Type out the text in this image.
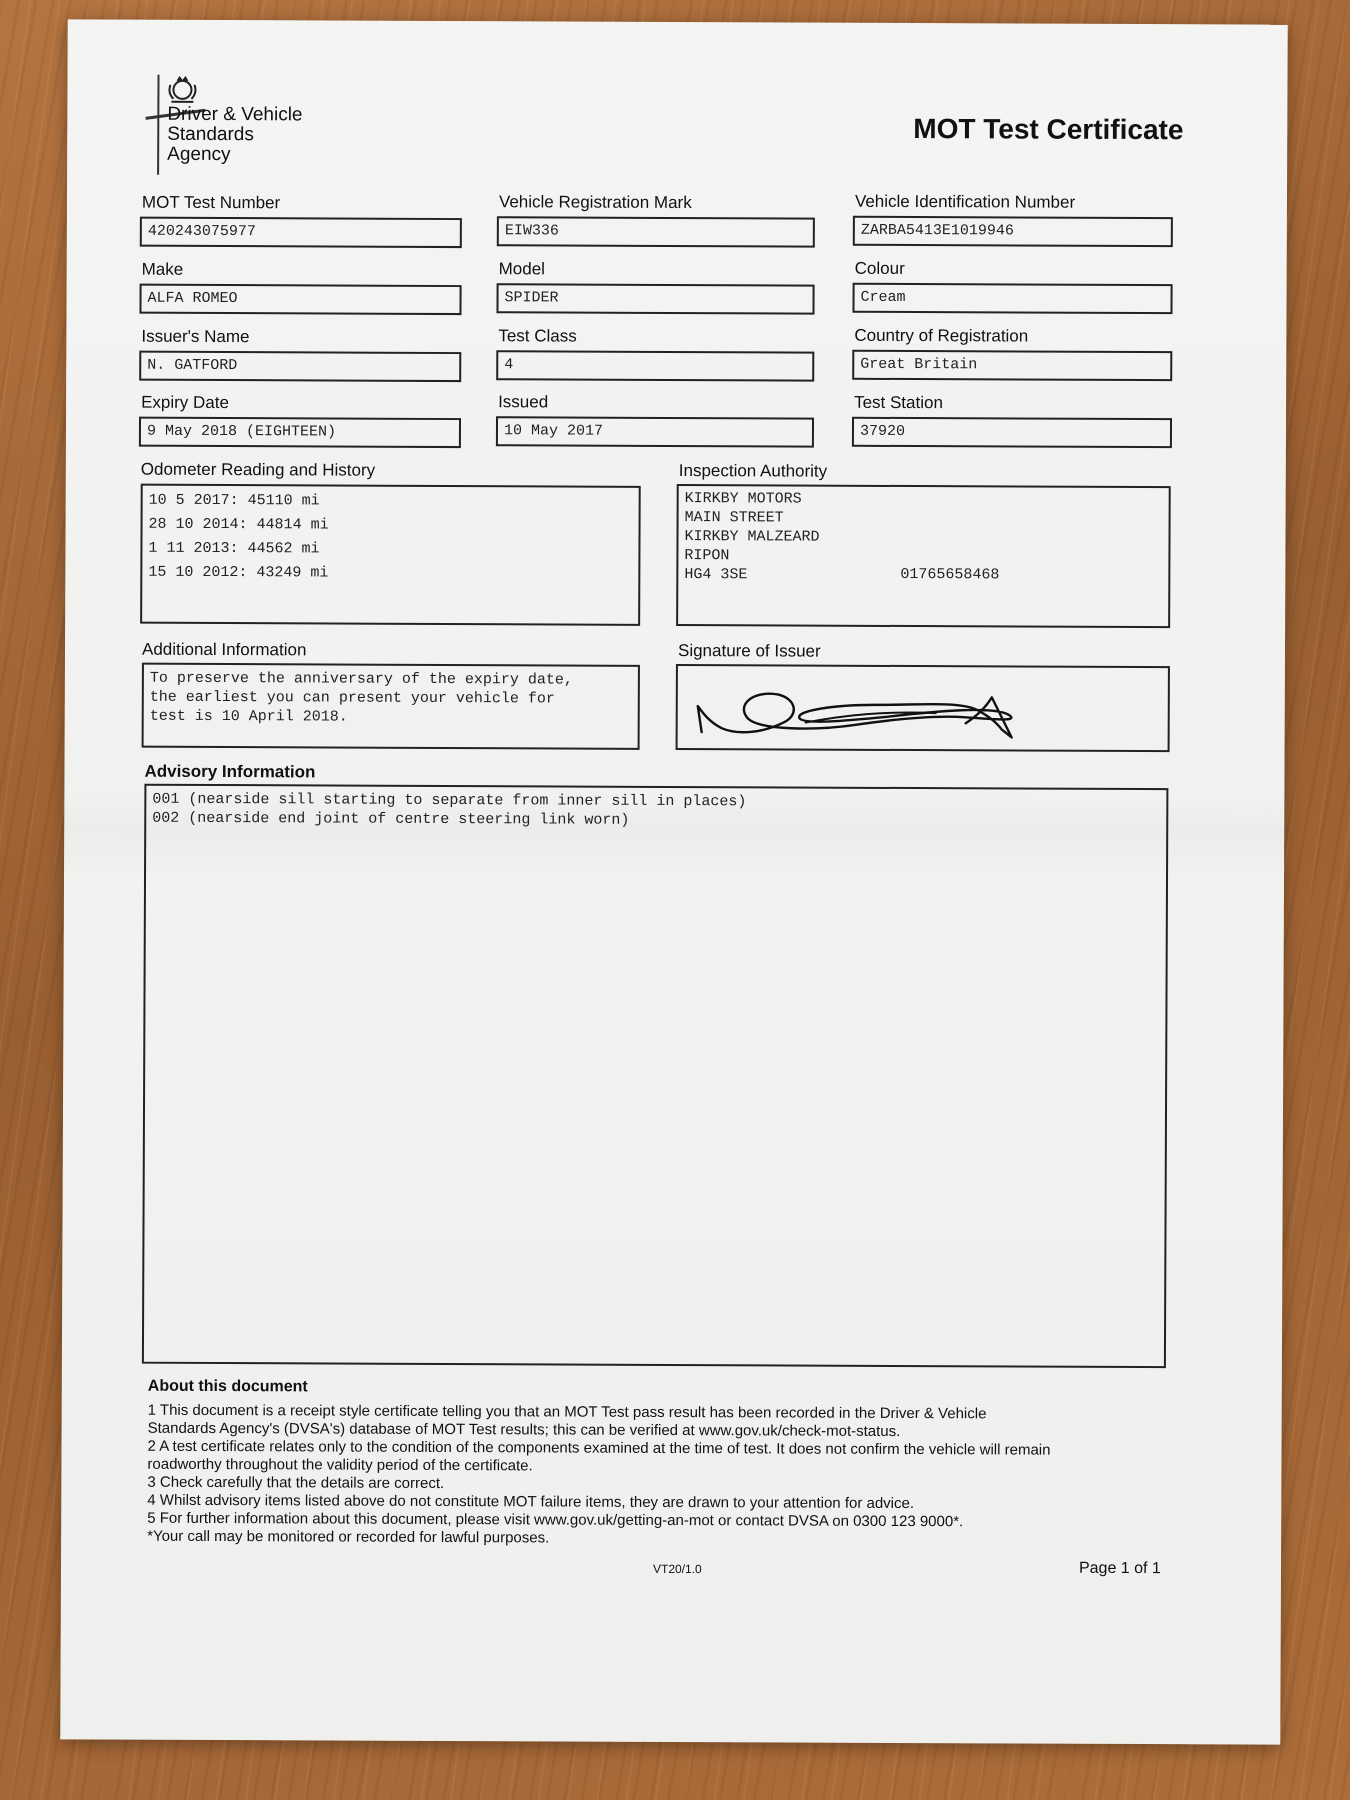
Driver & Vehicle
Standards
Agency
MOT Test Certificate
MOT Test Number
420243075977
Vehicle Registration Mark
EIW336
Vehicle Identification Number
ZARBA5413E1019946
Make
ALFA ROMEO
Model
SPIDER
Colour
Cream
Issuer's Name
N. GATFORD
Test Class
4
Country of Registration
Great Britain
Expiry Date
9 May 2018 (EIGHTEEN)
Issued
10 May 2017
Test Station
37920
Odometer Reading and History
10 5 2017: 45110 mi
28 10 2014: 44814 mi
1 11 2013: 44562 mi
15 10 2012: 43249 mi
Inspection Authority
KIRKBY MOTORS
MAIN STREET
KIRKBY MALZEARD
RIPON
HG4 3SE	01765658468
Additional Information
To preserve the anniversary of the expiry date,
the earliest you can present your vehicle for
test is 10 April 2018.
Signature of Issuer
Advisory Information
001 (nearside sill starting to separate from inner sill in places)
002 (nearside end joint of centre steering link worn)

About this document

1 This document is a receipt style certificate telling you that an MOT Test pass result has been recorded in the Driver & Vehicle

Standards Agency's (DVSA's) database of MOT Test results; this can be verified at www.gov.uk/check-mot-status.

2 A test certificate relates only to the condition of the components examined at the time of test. It does not confirm the vehicle will remain

roadworthy throughout the validity period of the certificate.

3 Check carefully that the details are correct.

4 Whilst advisory items listed above do not constitute MOT failure items, they are drawn to your attention for advice.

5 For further information about this document, please visit www.gov.uk/getting-an-mot or contact DVSA on 0300 123 9000*.

*Your call may be monitored or recorded for lawful purposes.

VT20/1.0	Page 1 of 1
